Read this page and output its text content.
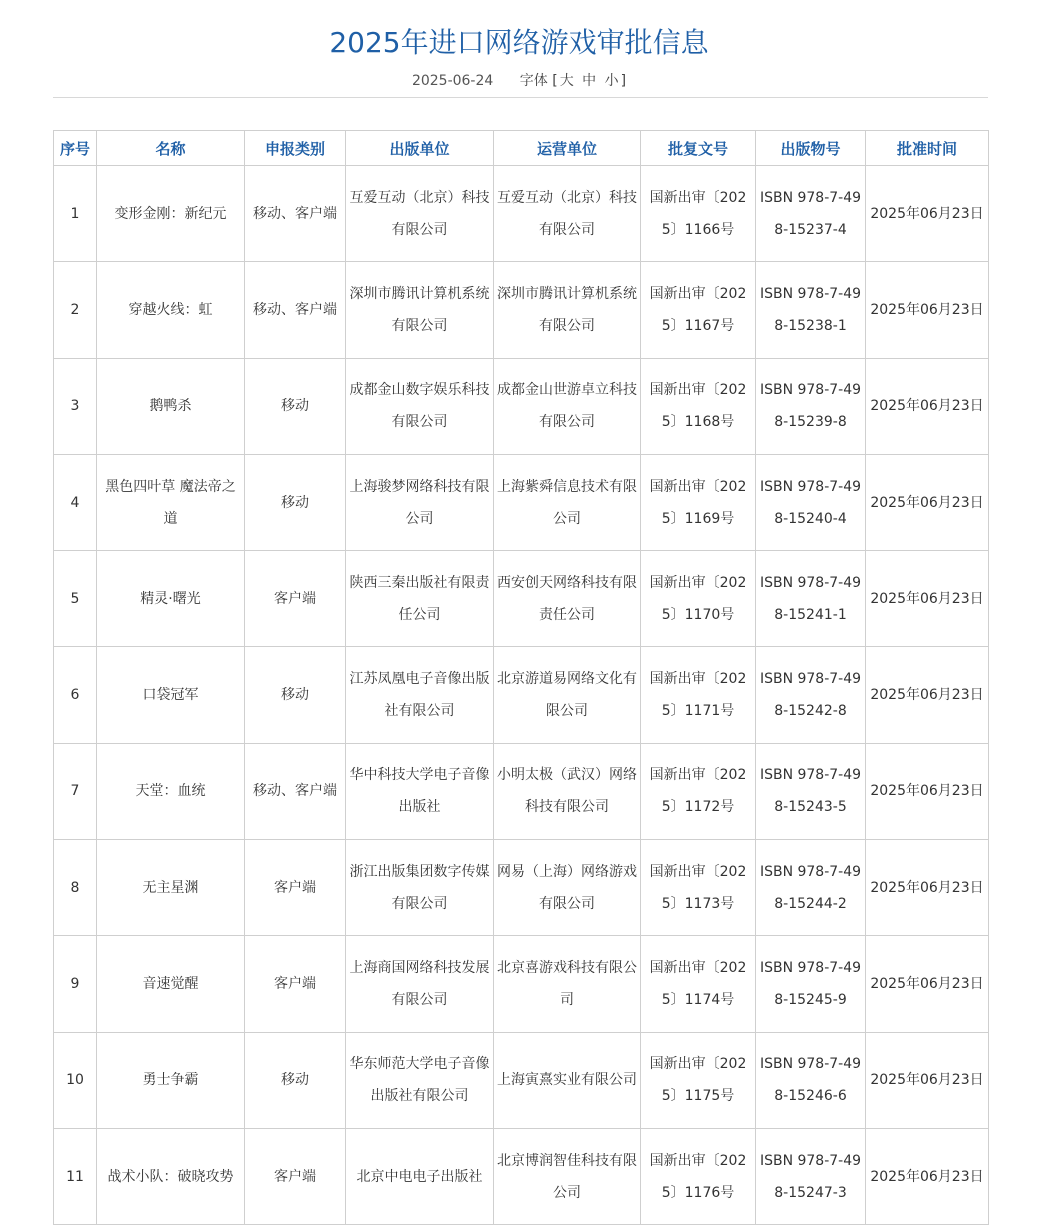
2025年进口网络游戏审批信息
2025-06-24 字体 [ 大 中 小 ]
序号	名称	申报类别	出版单位	运营单位	批复文号	出版物号	批准时间
1	变形金刚：新纪元	移动、客户端	互爱互动（北京）科技有限公司	互爱互动（北京）科技有限公司	国新出审〔2025〕1166号	ISBN 978-7-498-15237-4	2025年06月23日
2	穿越火线：虹	移动、客户端	深圳市腾讯计算机系统有限公司	深圳市腾讯计算机系统有限公司	国新出审〔2025〕1167号	ISBN 978-7-498-15238-1	2025年06月23日
3	鹅鸭杀	移动	成都金山数字娱乐科技有限公司	成都金山世游卓立科技有限公司	国新出审〔2025〕1168号	ISBN 978-7-498-15239-8	2025年06月23日
4	黑色四叶草 魔法帝之道	移动	上海骏梦网络科技有限公司	上海紫舜信息技术有限公司	国新出审〔2025〕1169号	ISBN 978-7-498-15240-4	2025年06月23日
5	精灵·曙光	客户端	陕西三秦出版社有限责任公司	西安创天网络科技有限责任公司	国新出审〔2025〕1170号	ISBN 978-7-498-15241-1	2025年06月23日
6	口袋冠军	移动	江苏凤凰电子音像出版社有限公司	北京游道易网络文化有限公司	国新出审〔2025〕1171号	ISBN 978-7-498-15242-8	2025年06月23日
7	天堂：血统	移动、客户端	华中科技大学电子音像出版社	小明太极（武汉）网络科技有限公司	国新出审〔2025〕1172号	ISBN 978-7-498-15243-5	2025年06月23日
8	无主星渊	客户端	浙江出版集团数字传媒有限公司	网易（上海）网络游戏有限公司	国新出审〔2025〕1173号	ISBN 978-7-498-15244-2	2025年06月23日
9	音速觉醒	客户端	上海商国网络科技发展有限公司	北京喜游戏科技有限公司	国新出审〔2025〕1174号	ISBN 978-7-498-15245-9	2025年06月23日
10	勇士争霸	移动	华东师范大学电子音像出版社有限公司	上海寅熹实业有限公司	国新出审〔2025〕1175号	ISBN 978-7-498-15246-6	2025年06月23日
11	战术小队：破晓攻势	客户端	北京中电电子出版社	北京博润智佳科技有限公司	国新出审〔2025〕1176号	ISBN 978-7-498-15247-3	2025年06月23日
